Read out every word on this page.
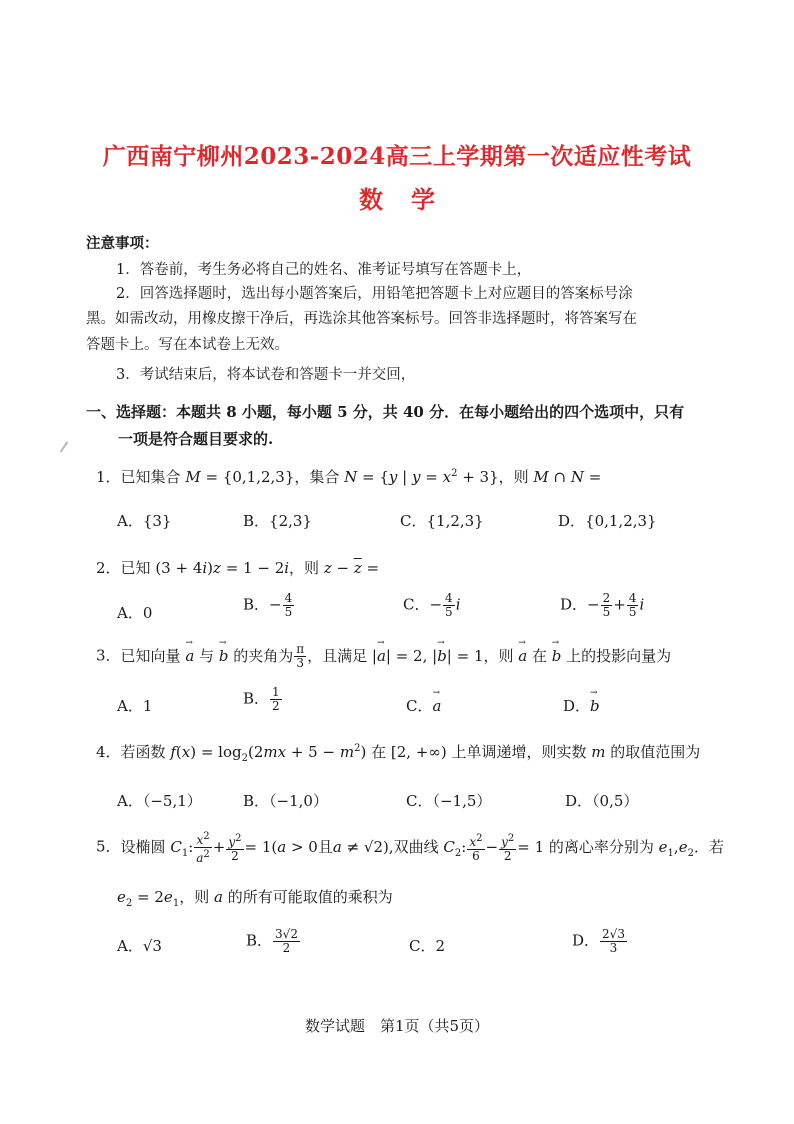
广西南宁柳州2023-2024高三上学期第一次适应性考试
数学
注意事项：
1．答卷前，考生务必将自己的姓名、准考证号填写在答题卡上，
2．回答选择题时，选出每小题答案后，用铅笔把答题卡上对应题目的答案标号涂
黑。如需改动，用橡皮擦干净后，再选涂其他答案标号。回答非选择题时，将答案写在
答题卡上。写在本试卷上无效。
3．考试结束后，将本试卷和答题卡一并交回，
一、选择题：本题共 8 小题，每小题 5 分，共 40 分．在每小题给出的四个选项中，只有
一项是符合题目要求的.
1．已知集合 M = {0,1,2,3}，集合 N = {y | $y = x^2 + 3$}，则 M ∩ N =
A．{3}	B．{2,3}	C．{1,2,3}	D．{0,1,2,3}
2．已知 (3 + 4i)z = 1 − 2i，则 $z - \overline{z}$ =
A．0	B．− $\frac{4}{5}$	C．− $\frac{4}{5}$ i	D．− $\frac{2}{5} + \frac{4}{5}$ i
3．已知向量 → a 与 → b 的夹角为 $\frac{\pi}{3}$ ，且满足 |→ a| = 2, |→ b| = 1，则 → a 在 → b 上的投影向量为
A．1	B． $\frac{1}{2}$	C．→ a	D．→ b
4．若函数 $f(x) = \log_2(2mx + 5 - m^2)$ 在 [2, +∞) 上单调递增，则实数 m 的取值范围为
A．（−5,1）	B．（−1,0）	C．（−1,5）	D．（0,5）
5．设椭圆 $C_1$: $\frac{x^2}{a^2} + \frac{y^2}{2} = 1(a > 0$且a ≠ √2),双曲线 $C_2$: $\frac{x^2}{6} - \frac{y^2}{2} = 1$ 的离心率分别为 $e_1,e_2$．若
$e_2 = 2e_1$，则 a 的所有可能取值的乘积为
A．√3	B． $\frac{3√2}{2}$	C．2	D． $\frac{2√3}{3}$
数学试题　第1页（共5页）
